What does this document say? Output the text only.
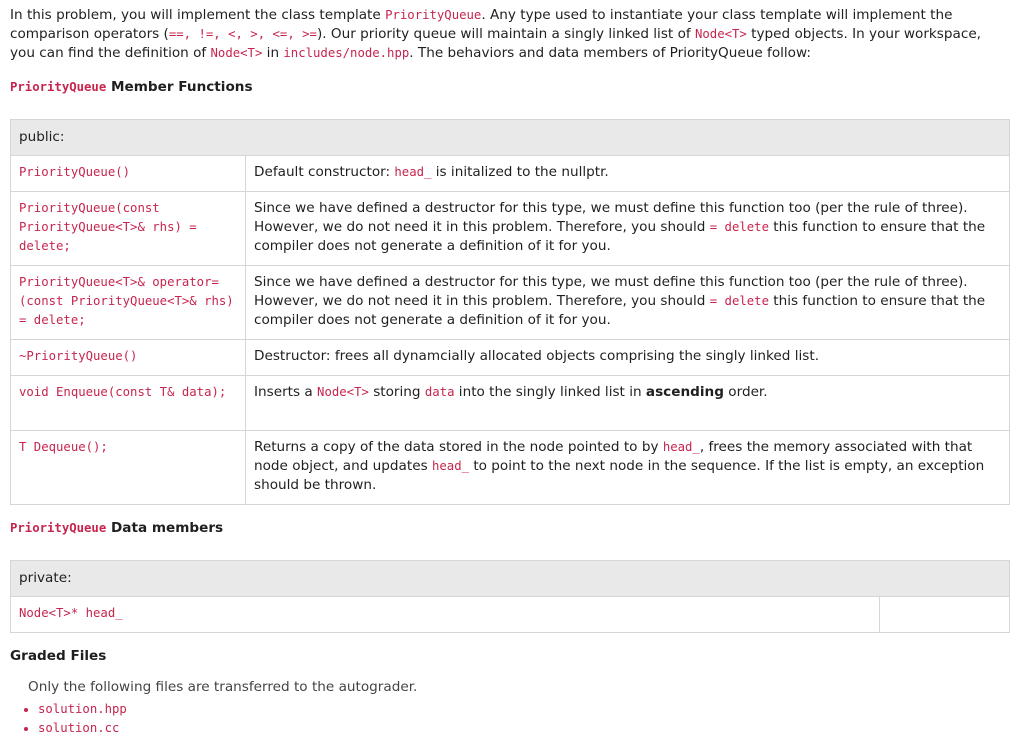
In this problem, you will implement the class template PriorityQueue. Any type used to instantiate your class template will implement the comparison operators (==, !=, <, >, <=, >=). Our priority queue will maintain a singly linked list of Node<T> typed objects. In your workspace, you can find the definition of Node<T> in includes/node.hpp. The behaviors and data members of PriorityQueue follow:

PriorityQueue Member Functions
public:	
PriorityQueue()	Default constructor: head_ is initalized to the nullptr.
PriorityQueue(const PriorityQueue<T>& rhs) = delete;	Since we have defined a destructor for this type, we must define this function too (per the rule of three). However, we do not need it in this problem. Therefore, you should = delete this function to ensure that the compiler does not generate a definition of it for you.
PriorityQueue<T>& operator=(const PriorityQueue<T>& rhs) = delete;	Since we have defined a destructor for this type, we must define this function too (per the rule of three). However, we do not need it in this problem. Therefore, you should = delete this function to ensure that the compiler does not generate a definition of it for you.
~PriorityQueue()	Destructor: frees all dynamcially allocated objects comprising the singly linked list.
void Enqueue(const T& data);	Inserts a Node<T> storing data into the singly linked list in ascending order.
T Dequeue();	Returns a copy of the data stored in the node pointed to by head_, frees the memory associated with that node object, and updates head_ to point to the next node in the sequence. If the list is empty, an exception should be thrown.
PriorityQueue Data members
private:
Node<T>* head_	
Graded Files
Only the following files are transferred to the autograder.
• solution.hpp
• solution.cc
